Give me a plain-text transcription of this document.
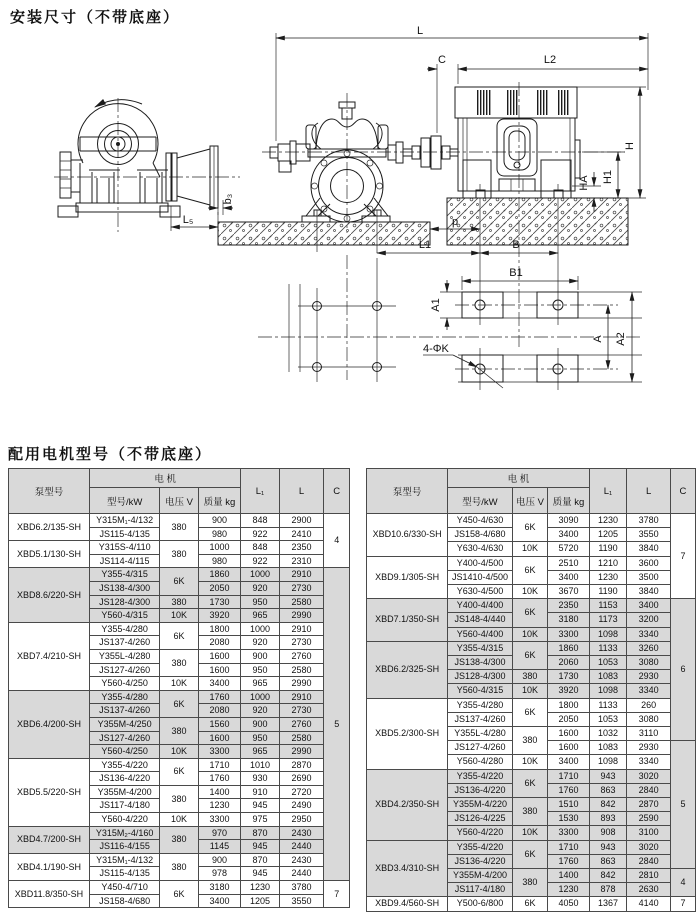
安装尺寸（不带底座）
b₃
L₅
L
C	L2
H
H1
HA
p
L1	B
B1
A1
A A2
4-ΦK
配用电机型号（不带底座）
泵型号	电 机			L₁	L	C
	型号/kW	电压 V	质量 kg			
XBD6.2/135-SH	Y315M₁-4/132	380	900	848	2900	4
	JS115-4/135		980	922	2410	
XBD5.1/130-SH	Y315S-4/110	380	1000	848	2350	
	JS114-4/115		980	922	2310	
XBD8.6/220-SH	Y355-4/315	6K	1860	1000	2910	5
	JS138-4/300		2050	920	2730	
	JS128-4/300	380	1730	950	2580	
	Y560-4/315	10K	3920	965	2990	
XBD7.4/210-SH	Y355-4/280	6K	1800	1000	2910	
	JS137-4/260		2080	920	2730	
	Y355L-4/280	380	1600	900	2760	
	JS127-4/260		1600	950	2580	
	Y560-4/250	10K	3400	965	2990	
XBD6.4/200-SH	Y355-4/280	6K	1760	1000	2910	
	JS137-4/260		2080	920	2730	
	Y355M-4/250	380	1560	900	2760	
	JS127-4/260		1600	950	2580	
	Y560-4/250	10K	3300	965	2990	
XBD5.5/220-SH	Y355-4/220	6K	1710	1010	2870	
	JS136-4/220		1760	930	2690	
	Y355M-4/200	380	1400	910	2720	
	JS117-4/180		1230	945	2490	
	Y560-4/220	10K	3300	975	2950	
XBD4.7/200-SH	Y315M₂-4/160	380	970	870	2430	
	JS116-4/155		1145	945	2440	
XBD4.1/190-SH	Y315M₁-4/132	380	900	870	2430	
	JS115-4/135		978	945	2440	
XBD11.8/350-SH	Y450-4/710	6K	3180	1230	3780	7
	JS158-4/680		3400	1205	3550	
泵型号	电 机			L₁	L	C
	型号/kW	电压 V	质量 kg			
XBD10.6/330-SH	Y450-4/630	6K	3090	1230	3780	7
	JS158-4/680		3400	1205	3550	
	Y630-4/630	10K	5720	1190	3840	
XBD9.1/305-SH	Y400-4/500	6K	2510	1210	3600	
	JS1410-4/500		3400	1230	3500	
	Y630-4/500	10K	3670	1190	3840	
XBD7.1/350-SH	Y400-4/400	6K	2350	1153	3400	6
	JS148-4/440		3180	1173	3200	
	Y560-4/400	10K	3300	1098	3340	
XBD6.2/325-SH	Y355-4/315	6K	1860	1133	3260	
	JS138-4/300		2060	1053	3080	
	JS128-4/300	380	1730	1083	2930	
	Y560-4/315	10K	3920	1098	3340	
XBD5.2/300-SH	Y355-4/280	6K	1800	1133	260	
	JS137-4/260		2050	1053	3080	
	Y355L-4/280	380	1600	1032	3110	
	JS127-4/260		1600	1083	2930	5
	Y560-4/280	10K	3400	1098	3340	
XBD4.2/350-SH	Y355-4/220	6K	1710	943	3020	
	JS136-4/220		1760	863	2840	
	Y355M-4/220	380	1510	842	2870	
	JS126-4/225		1530	893	2590	
	Y560-4/220	10K	3300	908	3100	
XBD3.4/310-SH	Y355-4/220	6K	1710	943	3020	
	JS136-4/220		1760	863	2840	
	Y355M-4/200	380	1400	842	2810	4
	JS117-4/180		1230	878	2630	
XBD9.4/560-SH	Y500-6/800	6K	4050	1367	4140	7
